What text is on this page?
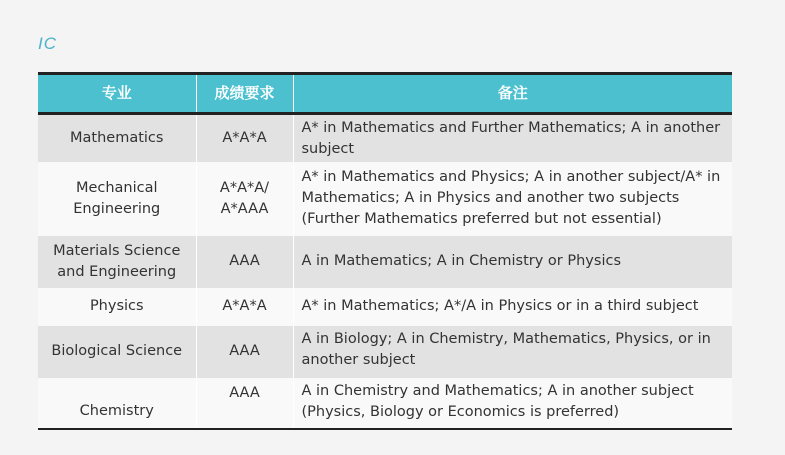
IC
专业	成绩要求	备注
Mathematics	A*A*A	A* in Mathematics and Further Mathematics; A in another subject
Mechanical Engineering	A*A*A/ A*AAA	A* in Mathematics and Physics; A in another subject/A* in Mathematics; A in Physics and another two subjects (Further Mathematics preferred but not essential)
Materials Science and Engineering	AAA	A in Mathematics; A in Chemistry or Physics
Physics	A*A*A	A* in Mathematics; A*/A in Physics or in a third subject
Biological Science	AAA	A in Biology; A in Chemistry, Mathematics, Physics, or in another subject
Chemistry	AAA	A in Chemistry and Mathematics; A in another subject (Physics, Biology or Economics is preferred)
